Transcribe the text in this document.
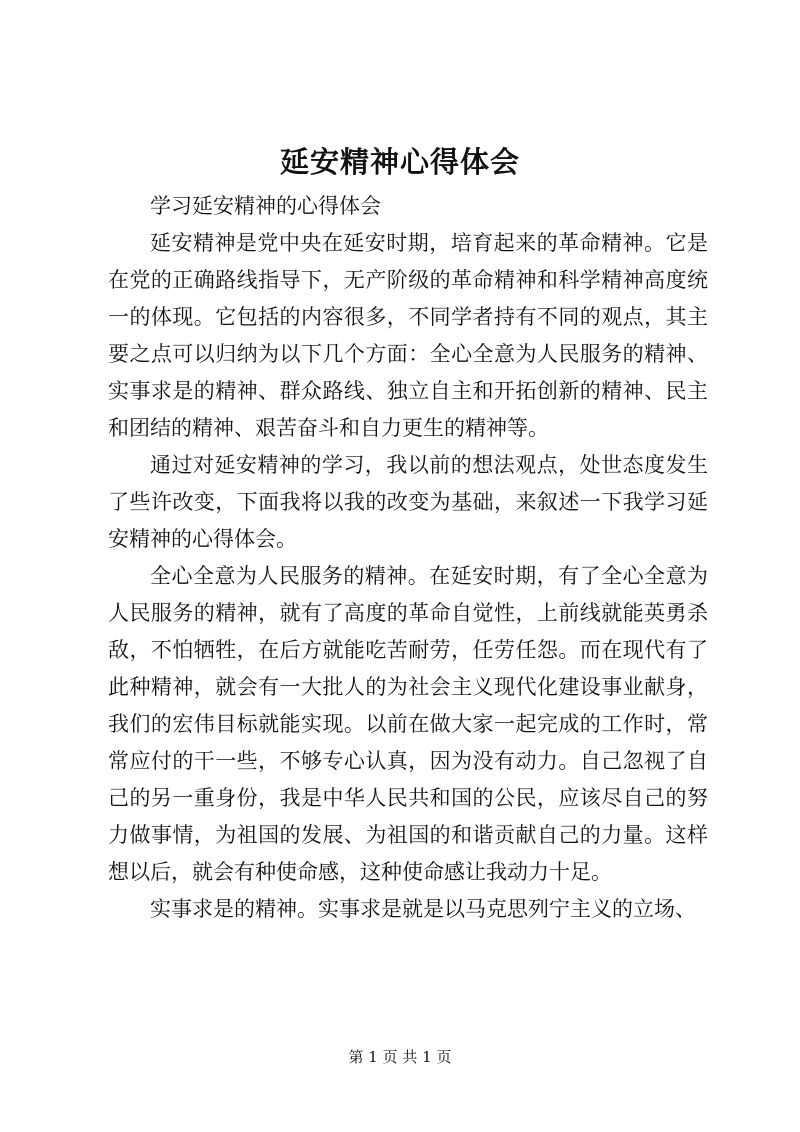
延安精神心得体会

学习延安精神的心得体会

延安精神是党中央在延安时期，培育起来的革命精神。它是在党的正确路线指导下，无产阶级的革命精神和科学精神高度统一的体现。它包括的内容很多，不同学者持有不同的观点，其主要之点可以归纳为以下几个方面：全心全意为人民服务的精神、实事求是的精神、群众路线、独立自主和开拓创新的精神、民主和团结的精神、艰苦奋斗和自力更生的精神等。

通过对延安精神的学习，我以前的想法观点，处世态度发生了些许改变，下面我将以我的改变为基础，来叙述一下我学习延安精神的心得体会。

全心全意为人民服务的精神。在延安时期，有了全心全意为人民服务的精神，就有了高度的革命自觉性，上前线就能英勇杀敌，不怕牺牲，在后方就能吃苦耐劳，任劳任怨。而在现代有了此种精神，就会有一大批人的为社会主义现代化建设事业献身，我们的宏伟目标就能实现。以前在做大家一起完成的工作时，常常应付的干一些，不够专心认真，因为没有动力。自己忽视了自己的另一重身份，我是中华人民共和国的公民，应该尽自己的努力做事情，为祖国的发展、为祖国的和谐贡献自己的力量。这样想以后，就会有种使命感，这种使命感让我动力十足。

实事求是的精神。实事求是就是以马克思列宁主义的立场、

第 1 页 共 1 页
